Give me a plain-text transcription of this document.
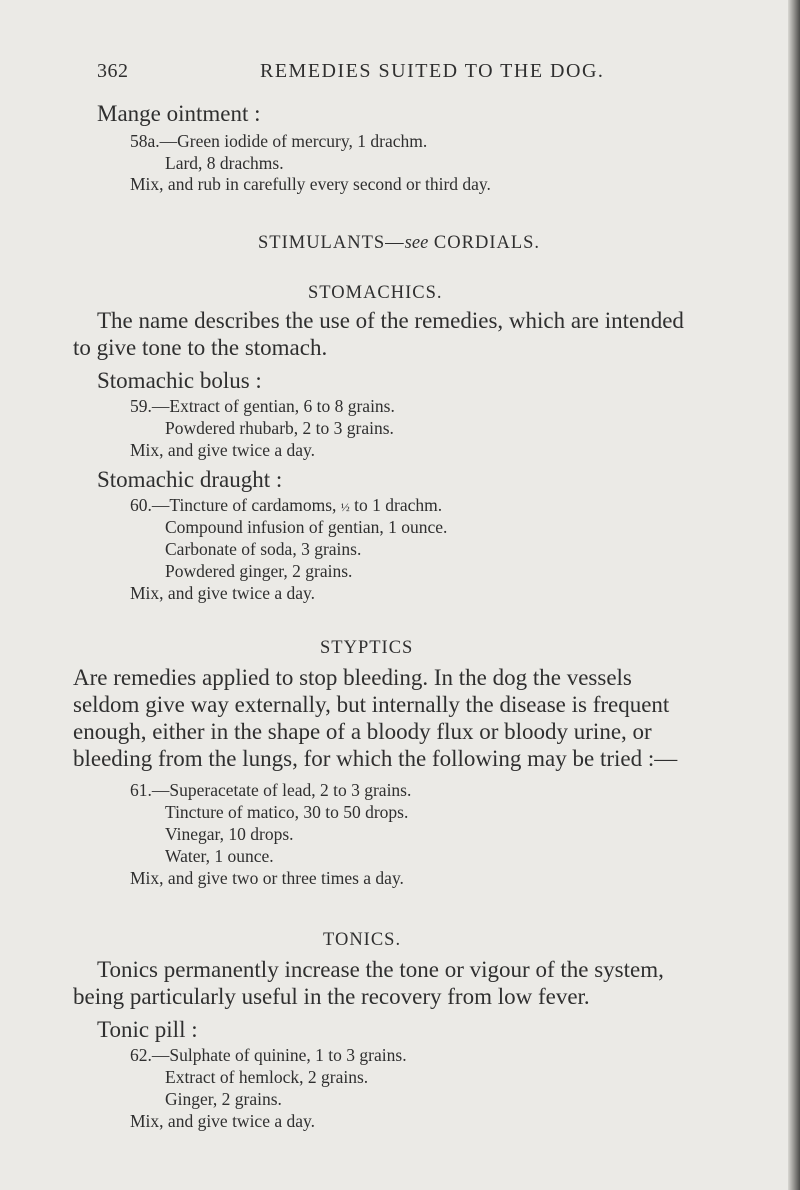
362	REMEDIES SUITED TO THE DOG.
Mange ointment :
58a.—Green iodide of mercury, 1 drachm.
Lard, 8 drachms.
Mix, and rub in carefully every second or third day.
STIMULANTS—see CORDIALS.
STOMACHICS.
The name describes the use of the remedies, which are intended
to give tone to the stomach.
Stomachic bolus :
59.—Extract of gentian, 6 to 8 grains.
Powdered rhubarb, 2 to 3 grains.
Mix, and give twice a day.
Stomachic draught :
60.—Tincture of cardamoms, ½ to 1 drachm.
Compound infusion of gentian, 1 ounce.
Carbonate of soda, 3 grains.
Powdered ginger, 2 grains.
Mix, and give twice a day.
STYPTICS
Are remedies applied to stop bleeding. In the dog the vessels
seldom give way externally, but internally the disease is frequent
enough, either in the shape of a bloody flux or bloody urine, or
bleeding from the lungs, for which the following may be tried :—
61.—Superacetate of lead, 2 to 3 grains.
Tincture of matico, 30 to 50 drops.
Vinegar, 10 drops.
Water, 1 ounce.
Mix, and give two or three times a day.
TONICS.
Tonics permanently increase the tone or vigour of the system,
being particularly useful in the recovery from low fever.
Tonic pill :
62.—Sulphate of quinine, 1 to 3 grains.
Extract of hemlock, 2 grains.
Ginger, 2 grains.
Mix, and give twice a day.
